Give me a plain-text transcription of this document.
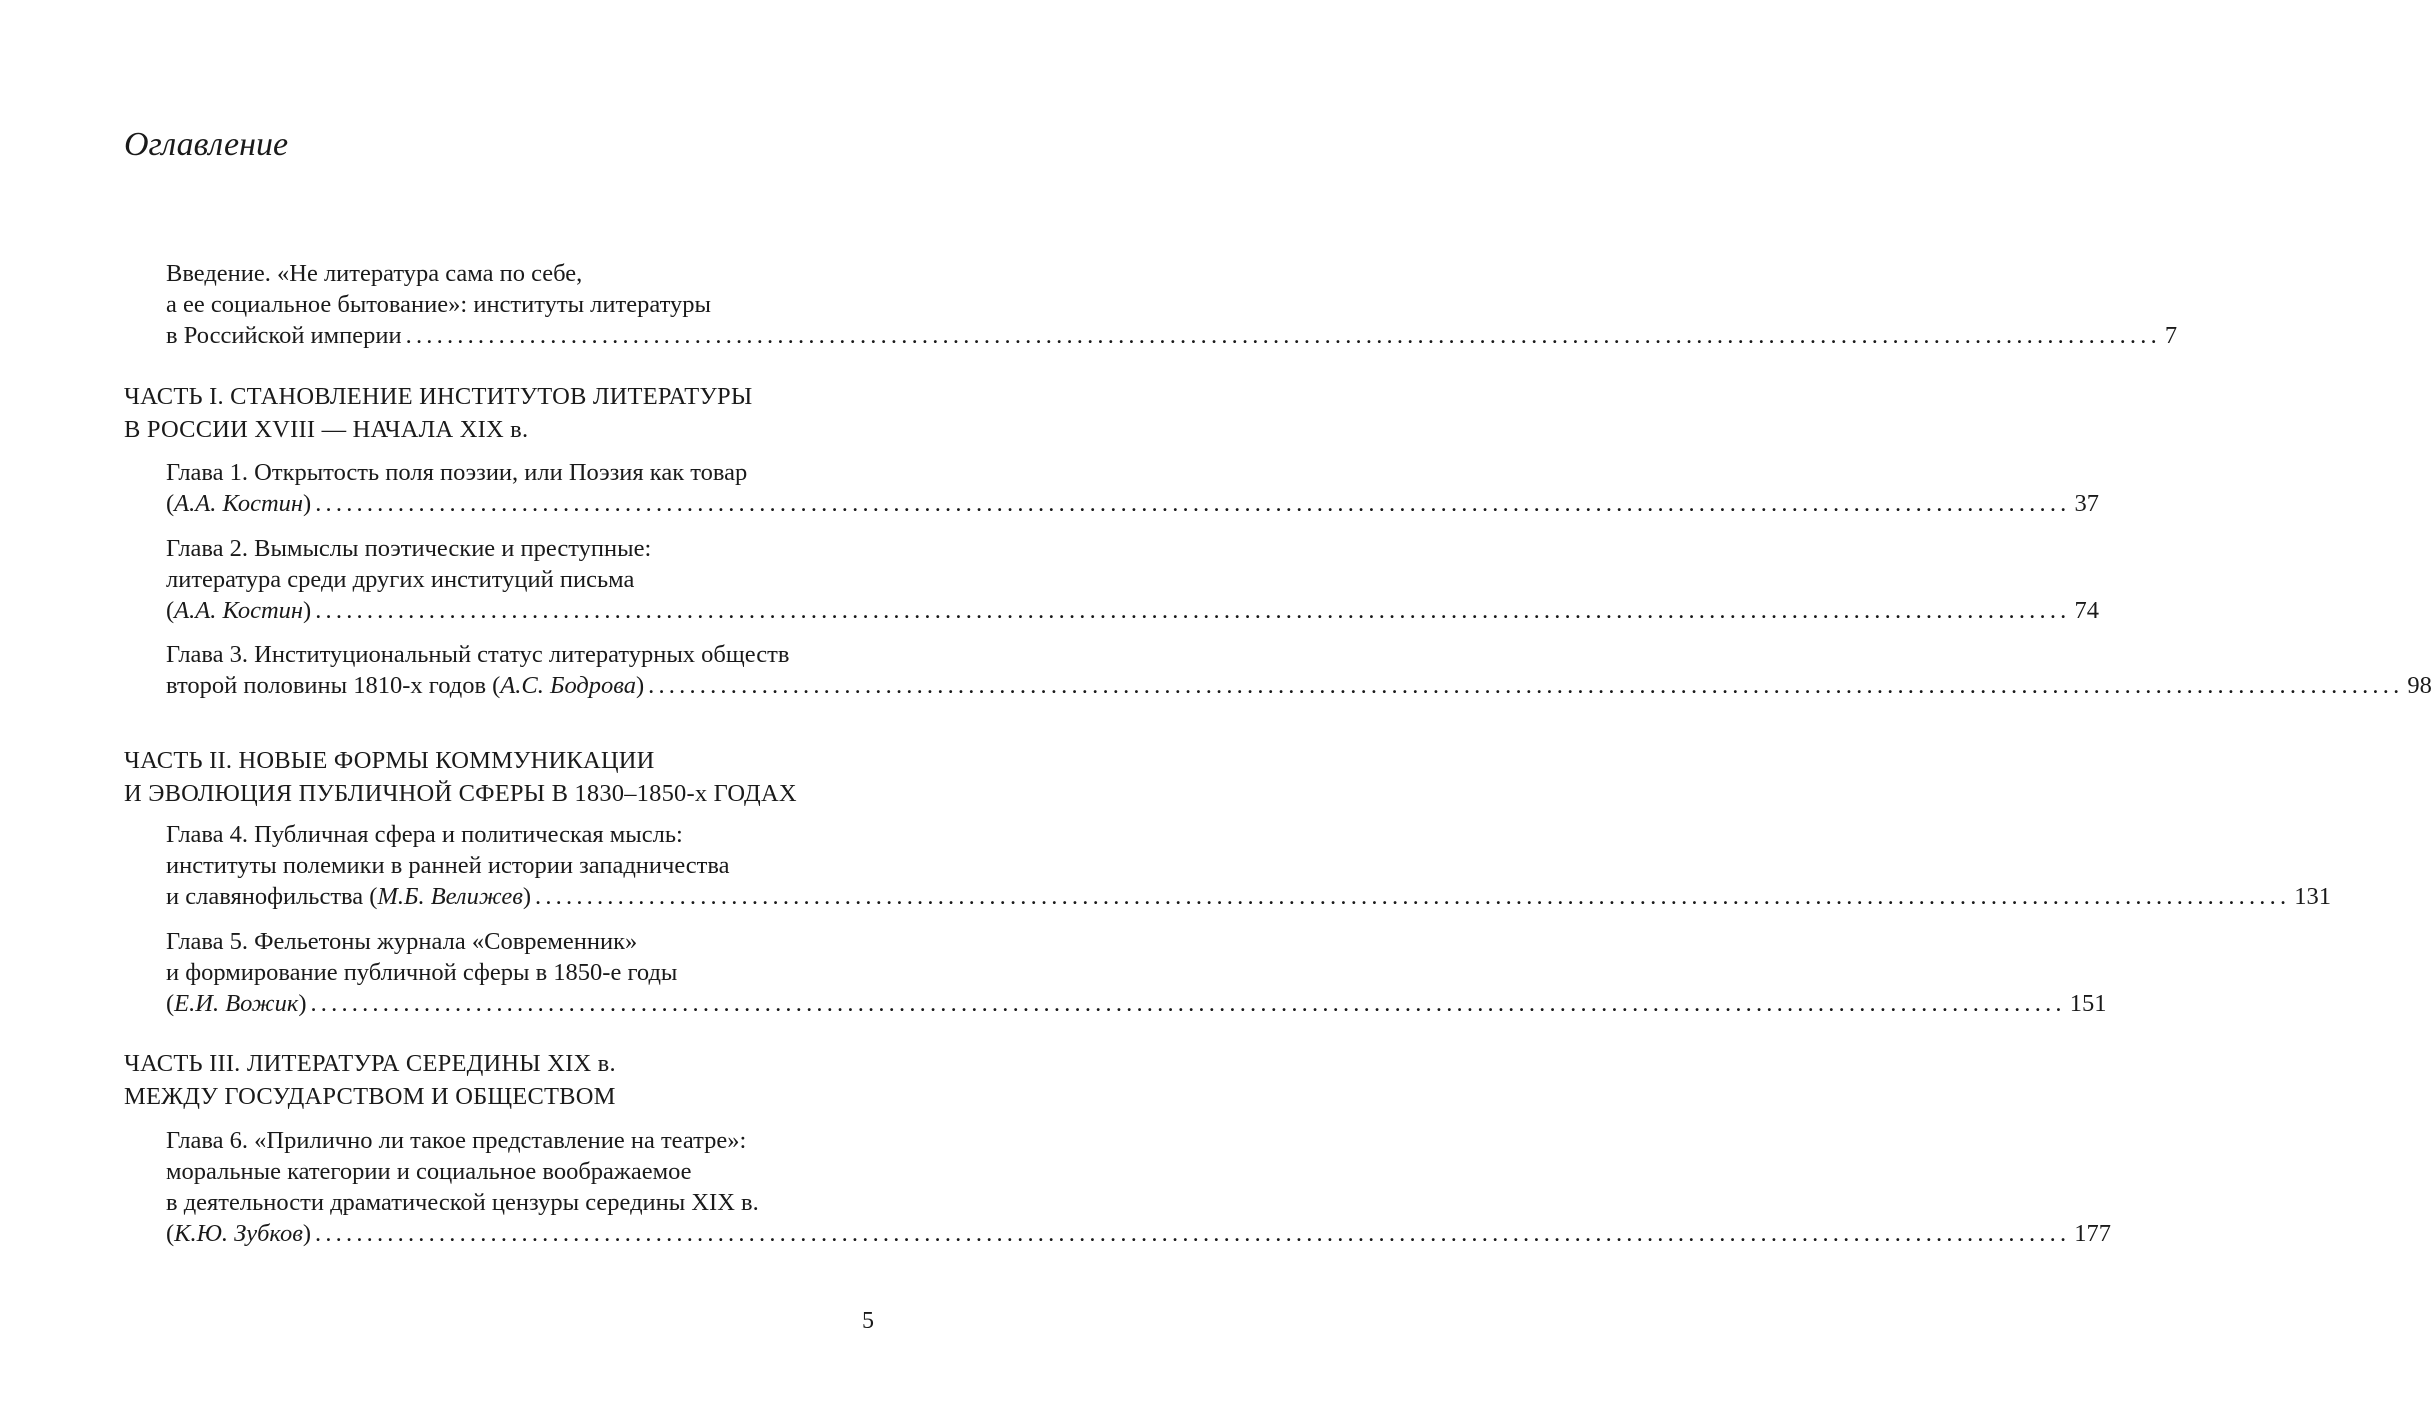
Оглавление
Введение. «Не литература сама по себе,
а ее социальное бытование»: институты литературы
в Российской империи .......................................................................................................................................................................... 7
ЧАСТЬ I. СТАНОВЛЕНИЕ ИНСТИТУТОВ ЛИТЕРАТУРЫ
В РОССИИ XVIII — НАЧАЛА XIX в.
Глава 1. Открытость поля поэзии, или Поэзия как товар
(А.А. Костин) .......................................................................................................................................................................... 37
Глава 2. Вымыслы поэтические и преступные:
литература среди других институций письма
(А.А. Костин) .......................................................................................................................................................................... 74
Глава 3. Институциональный статус литературных обществ
второй половины 1810-х годов (А.С. Бодрова) .......................................................................................................................................................................... 98
ЧАСТЬ II. НОВЫЕ ФОРМЫ КОММУНИКАЦИИ
И ЭВОЛЮЦИЯ ПУБЛИЧНОЙ СФЕРЫ В 1830–1850-х ГОДАХ
Глава 4. Публичная сфера и политическая мысль:
институты полемики в ранней истории западничества
и славянофильства (М.Б. Велижев) .......................................................................................................................................................................... 131
Глава 5. Фельетоны журнала «Современник»
и формирование публичной сферы в 1850-е годы
(Е.И. Вожик) .......................................................................................................................................................................... 151
ЧАСТЬ III. ЛИТЕРАТУРА СЕРЕДИНЫ XIX в.
МЕЖДУ ГОСУДАРСТВОМ И ОБЩЕСТВОМ
Глава 6. «Прилично ли такое представление на театре»:
моральные категории и социальное воображаемое
в деятельности драматической цензуры середины XIX в.
(К.Ю. Зубков) .......................................................................................................................................................................... 177
5
